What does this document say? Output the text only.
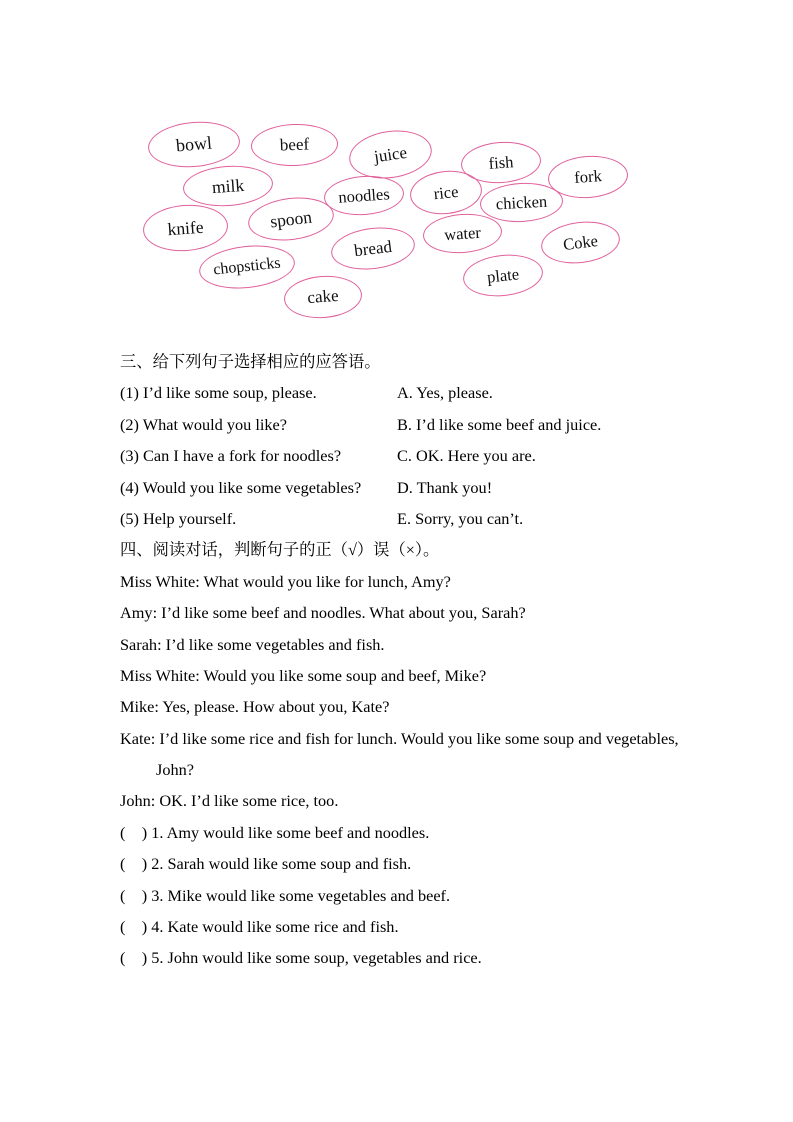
bowl	beef	juice	fish
fork
milk	noodles	rice chicken
knife	spoon
water	Coke
chopsticks
bread
plate
cake
三、给下列句子选择相应的应答语。
(1) I’d like some soup, please.	A. Yes, please.
(2) What would you like?	B. I’d like some beef and juice.
(3) Can I have a fork for noodles?	C. OK. Here you are.
(4) Would you like some vegetables?	D. Thank you!
(5) Help yourself.	E. Sorry, you can’t.
四、阅读对话，判断句子的正（√）误（×）。
Miss White: What would you like for lunch, Amy?
Amy: I’d like some beef and noodles. What about you, Sarah?
Sarah: I’d like some vegetables and fish.
Miss White: Would you like some soup and beef, Mike?
Mike: Yes, please. How about you, Kate?
Kate: I’d like some rice and fish for lunch. Would you like some soup and vegetables,
John?
John: OK. I’d like some rice, too.
(　) 1. Amy would like some beef and noodles.
(　) 2. Sarah would like some soup and fish.
(　) 3. Mike would like some vegetables and beef.
(　) 4. Kate would like some rice and fish.
(　) 5. John would like some soup, vegetables and rice.
